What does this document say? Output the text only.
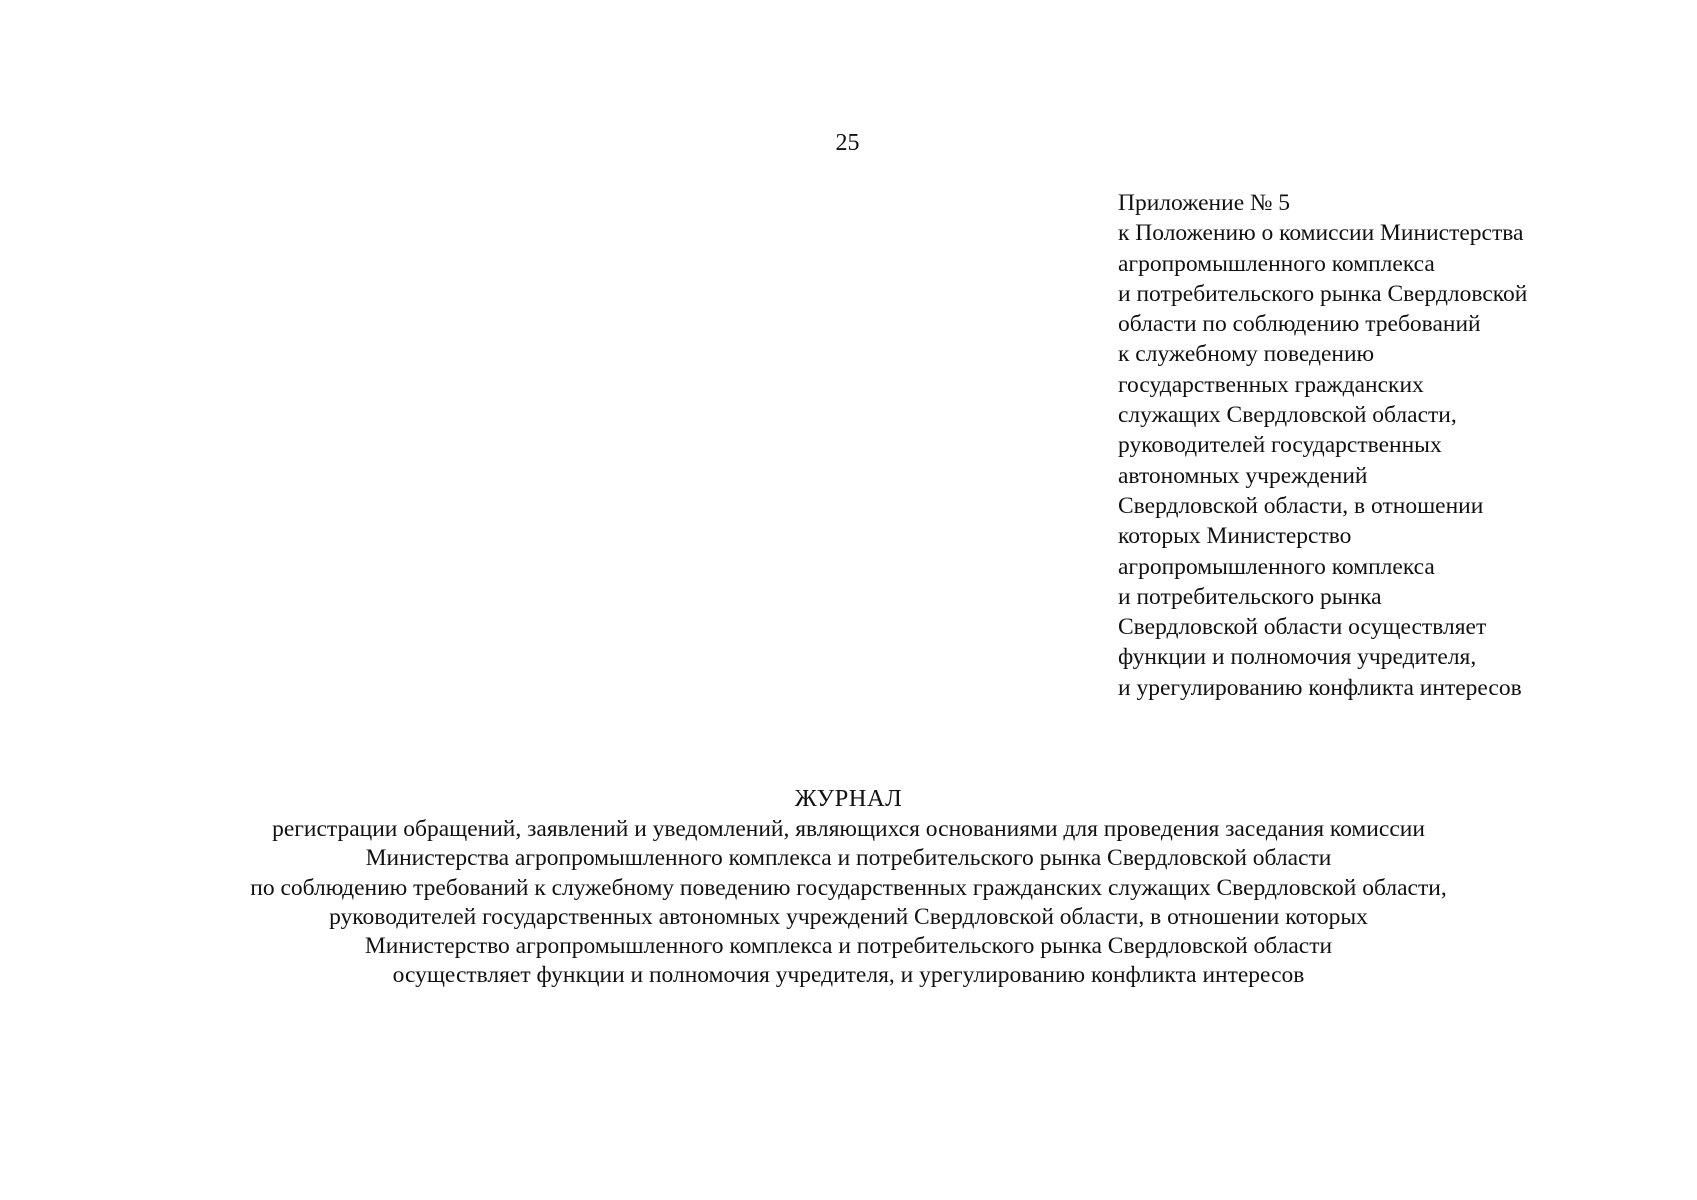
25
Приложение № 5
к Положению о комиссии Министерства
агропромышленного комплекса
и потребительского рынка Свердловской
области по соблюдению требований
к служебному поведению
государственных гражданских
служащих Свердловской области,
руководителей государственных
автономных учреждений
Свердловской области, в отношении
которых Министерство
агропромышленного комплекса
и потребительского рынка
Свердловской области осуществляет
функции и полномочия учредителя,
и урегулированию конфликта интересов
ЖУРНАЛ
регистрации обращений, заявлений и уведомлений, являющихся основаниями для проведения заседания комиссии
Министерства агропромышленного комплекса и потребительского рынка Свердловской области
по соблюдению требований к служебному поведению государственных гражданских служащих Свердловской области,
руководителей государственных автономных учреждений Свердловской области, в отношении которых
Министерство агропромышленного комплекса и потребительского рынка Свердловской области
осуществляет функции и полномочия учредителя, и урегулированию конфликта интересов
